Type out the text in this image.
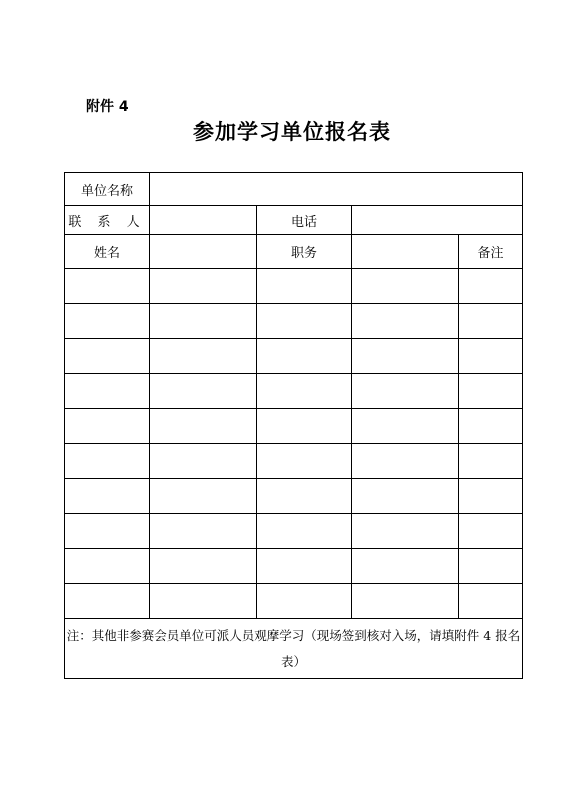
附件 4
参加学习单位报名表
单位名称				
联 系 人		电话		
姓名		职务		备注

注：其他非参赛会员单位可派人员观摩学习（现场签到核对入场，请填附件 4 报名表）				
